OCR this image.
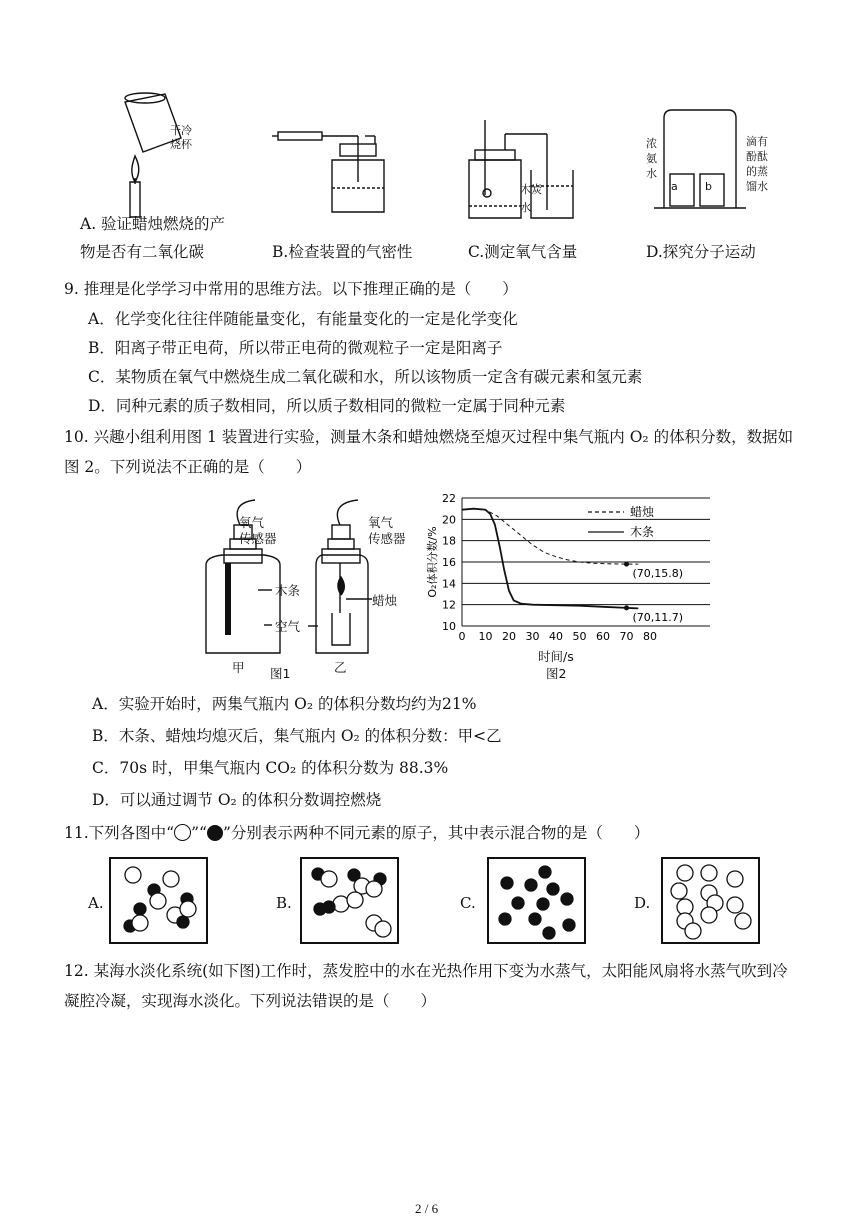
干冷
烧杯
A. 验证蜡烛燃烧的产
物是否有二氧化碳	B.检查装置的气密性
木炭
水
C.测定氧气含量
a b
浓
氨
水
滴有
酚酞
的蒸
馏水
D.探究分子运动
9. 推理是化学学习中常用的思维方法。以下推理正确的是（　　）
A．化学变化往往伴随能量变化，有能量变化的一定是化学变化
B．阳离子带正电荷，所以带正电荷的微观粒子一定是阳离子
C．某物质在氧气中燃烧生成二氧化碳和水，所以该物质一定含有碳元素和氢元素
D．同种元素的质子数相同，所以质子数相同的微粒一定属于同种元素
10. 兴趣小组利用图 1 装置进行实验，测量木条和蜡烛燃烧至熄灭过程中集气瓶内 O₂ 的体积分数，数据如
图 2。下列说法不正确的是（　　）
氧气
传感器
氧气
传感器
木条
蜡烛
空气
甲	乙
图1
10
12
14
16
18
20
22
0 10 20 30 40 50 60 70 80
O₂体积分数/%
蜡烛
木条
(70,15.8)
(70,11.7)
时间/s
图2
A．实验开始时，两集气瓶内 O₂ 的体积分数均约为21%
B．木条、蜡烛均熄灭后，集气瓶内 O₂ 的体积分数：甲<乙
C．70s 时，甲集气瓶内 CO₂ 的体积分数为 88.3%
D．可以通过调节 O₂ 的体积分数调控燃烧
11.下列各图中“ ”“ ”分别表示两种不同元素的原子，其中表示混合物的是（　　）
A.	B.	C.	D.
12. 某海水淡化系统(如下图)工作时，蒸发腔中的水在光热作用下变为水蒸气，太阳能风扇将水蒸气吹到冷
凝腔冷凝，实现海水淡化。下列说法错误的是（　　）
2 / 6
